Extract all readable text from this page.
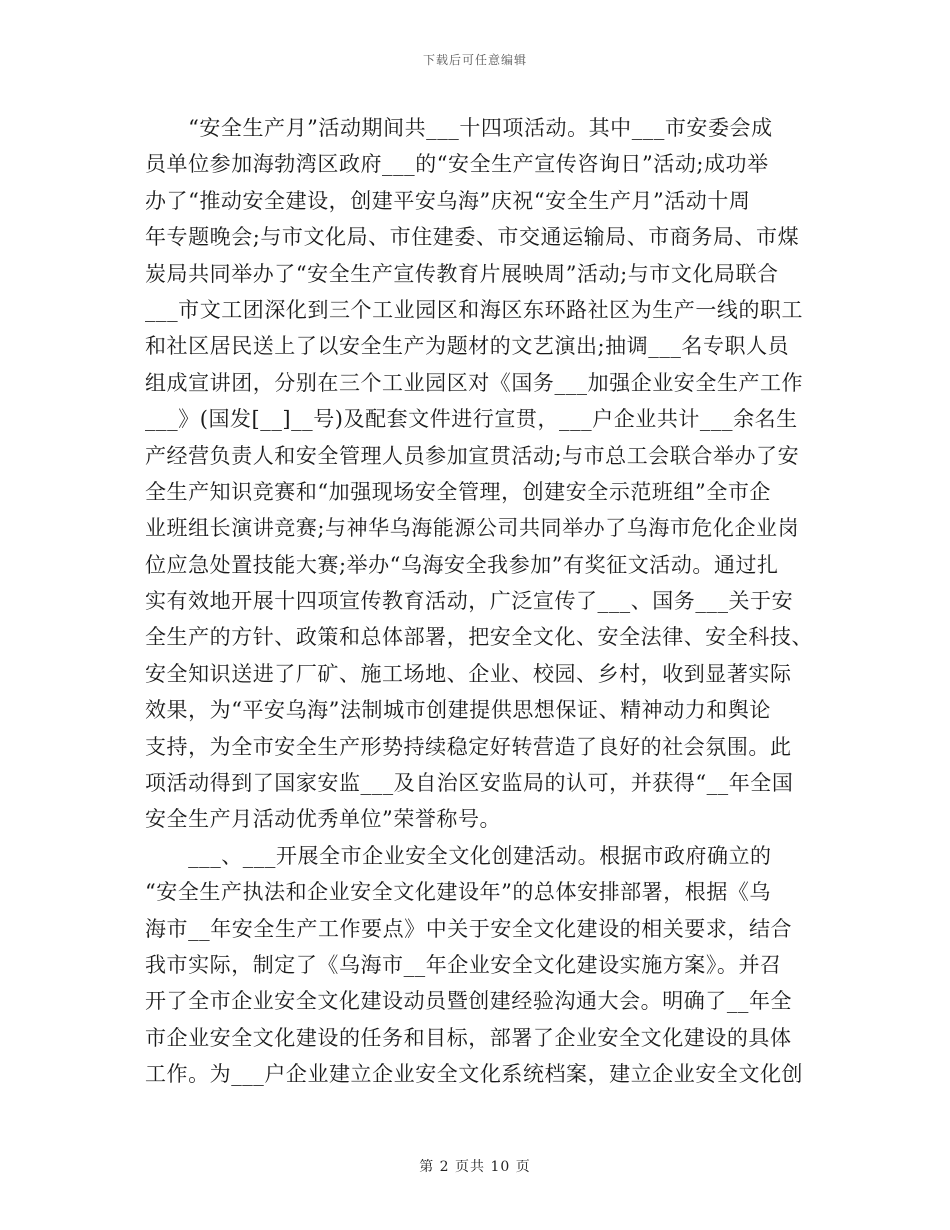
下载后可任意编辑
　　“安全生产月”活动期间共___十四项活动。其中___市安委会成
员单位参加海勃湾区政府___的“安全生产宣传咨询日”活动;成功举
办了“推动安全建设，创建平安乌海”庆祝“安全生产月”活动十周
年专题晚会;与市文化局、市住建委、市交通运输局、市商务局、市煤
炭局共同举办了“安全生产宣传教育片展映周”活动;与市文化局联合
___市文工团深化到三个工业园区和海区东环路社区为生产一线的职工
和社区居民送上了以安全生产为题材的文艺演出;抽调___名专职人员
组成宣讲团，分别在三个工业园区对《国务___加强企业安全生产工作
___》(国发[__]__号)及配套文件进行宣贯，___户企业共计___余名生
产经营负责人和安全管理人员参加宣贯活动;与市总工会联合举办了安
全生产知识竞赛和“加强现场安全管理，创建安全示范班组”全市企
业班组长演讲竞赛;与神华乌海能源公司共同举办了乌海市危化企业岗
位应急处置技能大赛;举办“乌海安全我参加”有奖征文活动。通过扎
实有效地开展十四项宣传教育活动，广泛宣传了___、国务___关于安
全生产的方针、政策和总体部署，把安全文化、安全法律、安全科技、
安全知识送进了厂矿、施工场地、企业、校园、乡村，收到显著实际
效果，为“平安乌海”法制城市创建提供思想保证、精神动力和舆论
支持，为全市安全生产形势持续稳定好转营造了良好的社会氛围。此
项活动得到了国家安监___及自治区安监局的认可，并获得“__年全国
安全生产月活动优秀单位”荣誉称号。
　　___、___开展全市企业安全文化创建活动。根据市政府确立的
“安全生产执法和企业安全文化建设年”的总体安排部署，根据《乌
海市__年安全生产工作要点》中关于安全文化建设的相关要求，结合
我市实际，制定了《乌海市__年企业安全文化建设实施方案》。并召
开了全市企业安全文化建设动员暨创建经验沟通大会。明确了__年全
市企业安全文化建设的任务和目标，部署了企业安全文化建设的具体
工作。为___户企业建立企业安全文化系统档案，建立企业安全文化创
第 2 页共 10 页
